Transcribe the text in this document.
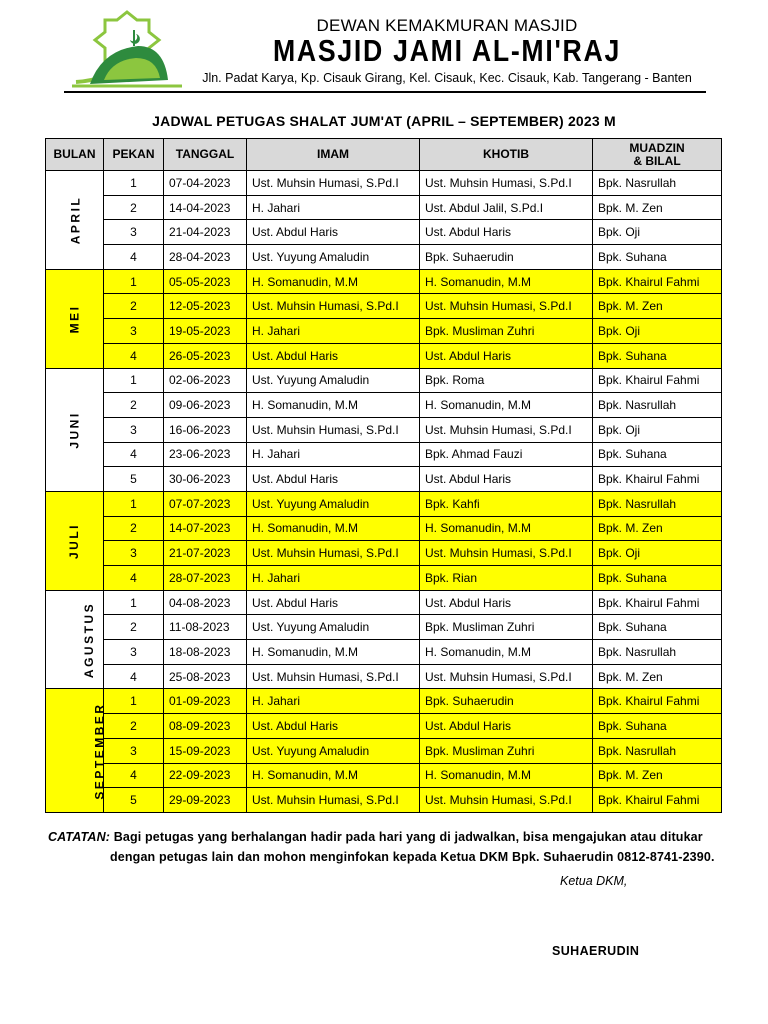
DEWAN KEMAKMURAN MASJID
MASJID JAMI AL-MI'RAJ
Jln. Padat Karya, Kp. Cisauk Girang, Kel. Cisauk, Kec. Cisauk, Kab. Tangerang - Banten
JADWAL PETUGAS SHALAT JUM'AT (APRIL – SEPTEMBER) 2023 M
BULAN	PEKAN	TANGGAL	IMAM	KHOTIB	MUADZIN
& BILAL
APRIL	1	07-04-2023	Ust. Muhsin Humasi, S.Pd.I	Ust. Muhsin Humasi, S.Pd.I	Bpk. Nasrullah
	2	14-04-2023	H. Jahari	Ust. Abdul Jalil, S.Pd.I	Bpk. M. Zen
	3	21-04-2023	Ust. Abdul Haris	Ust. Abdul Haris	Bpk. Oji
	4	28-04-2023	Ust. Yuyung Amaludin	Bpk. Suhaerudin	Bpk. Suhana
MEI	1	05-05-2023	H. Somanudin, M.M	H. Somanudin, M.M	Bpk. Khairul Fahmi
	2	12-05-2023	Ust. Muhsin Humasi, S.Pd.I	Ust. Muhsin Humasi, S.Pd.I	Bpk. M. Zen
	3	19-05-2023	H. Jahari	Bpk. Musliman Zuhri	Bpk. Oji
	4	26-05-2023	Ust. Abdul Haris	Ust. Abdul Haris	Bpk. Suhana
JUNI	1	02-06-2023	Ust. Yuyung Amaludin	Bpk. Roma	Bpk. Khairul Fahmi
	2	09-06-2023	H. Somanudin, M.M	H. Somanudin, M.M	Bpk. Nasrullah
	3	16-06-2023	Ust. Muhsin Humasi, S.Pd.I	Ust. Muhsin Humasi, S.Pd.I	Bpk. Oji
	4	23-06-2023	H. Jahari	Bpk. Ahmad Fauzi	Bpk. Suhana
	5	30-06-2023	Ust. Abdul Haris	Ust. Abdul Haris	Bpk. Khairul Fahmi
JULI	1	07-07-2023	Ust. Yuyung Amaludin	Bpk. Kahfi	Bpk. Nasrullah
	2	14-07-2023	H. Somanudin, M.M	H. Somanudin, M.M	Bpk. M. Zen
	3	21-07-2023	Ust. Muhsin Humasi, S.Pd.I	Ust. Muhsin Humasi, S.Pd.I	Bpk. Oji
	4	28-07-2023	H. Jahari	Bpk. Rian	Bpk. Suhana
AGUSTUS	1	04-08-2023	Ust. Abdul Haris	Ust. Abdul Haris	Bpk. Khairul Fahmi
	2	11-08-2023	Ust. Yuyung Amaludin	Bpk. Musliman Zuhri	Bpk. Suhana
	3	18-08-2023	H. Somanudin, M.M	H. Somanudin, M.M	Bpk. Nasrullah
	4	25-08-2023	Ust. Muhsin Humasi, S.Pd.I	Ust. Muhsin Humasi, S.Pd.I	Bpk. M. Zen
SEPTEMBER	1	01-09-2023	H. Jahari	Bpk. Suhaerudin	Bpk. Khairul Fahmi
	2	08-09-2023	Ust. Abdul Haris	Ust. Abdul Haris	Bpk. Suhana
	3	15-09-2023	Ust. Yuyung Amaludin	Bpk. Musliman Zuhri	Bpk. Nasrullah
	4	22-09-2023	H. Somanudin, M.M	H. Somanudin, M.M	Bpk. M. Zen
	5	29-09-2023	Ust. Muhsin Humasi, S.Pd.I	Ust. Muhsin Humasi, S.Pd.I	Bpk. Khairul Fahmi
CATATAN: Bagi petugas yang berhalangan hadir pada hari yang di jadwalkan, bisa mengajukan atau ditukar
dengan petugas lain dan mohon menginfokan kepada Ketua DKM Bpk. Suhaerudin 0812-8741-2390.
Ketua DKM,
SUHAERUDIN
